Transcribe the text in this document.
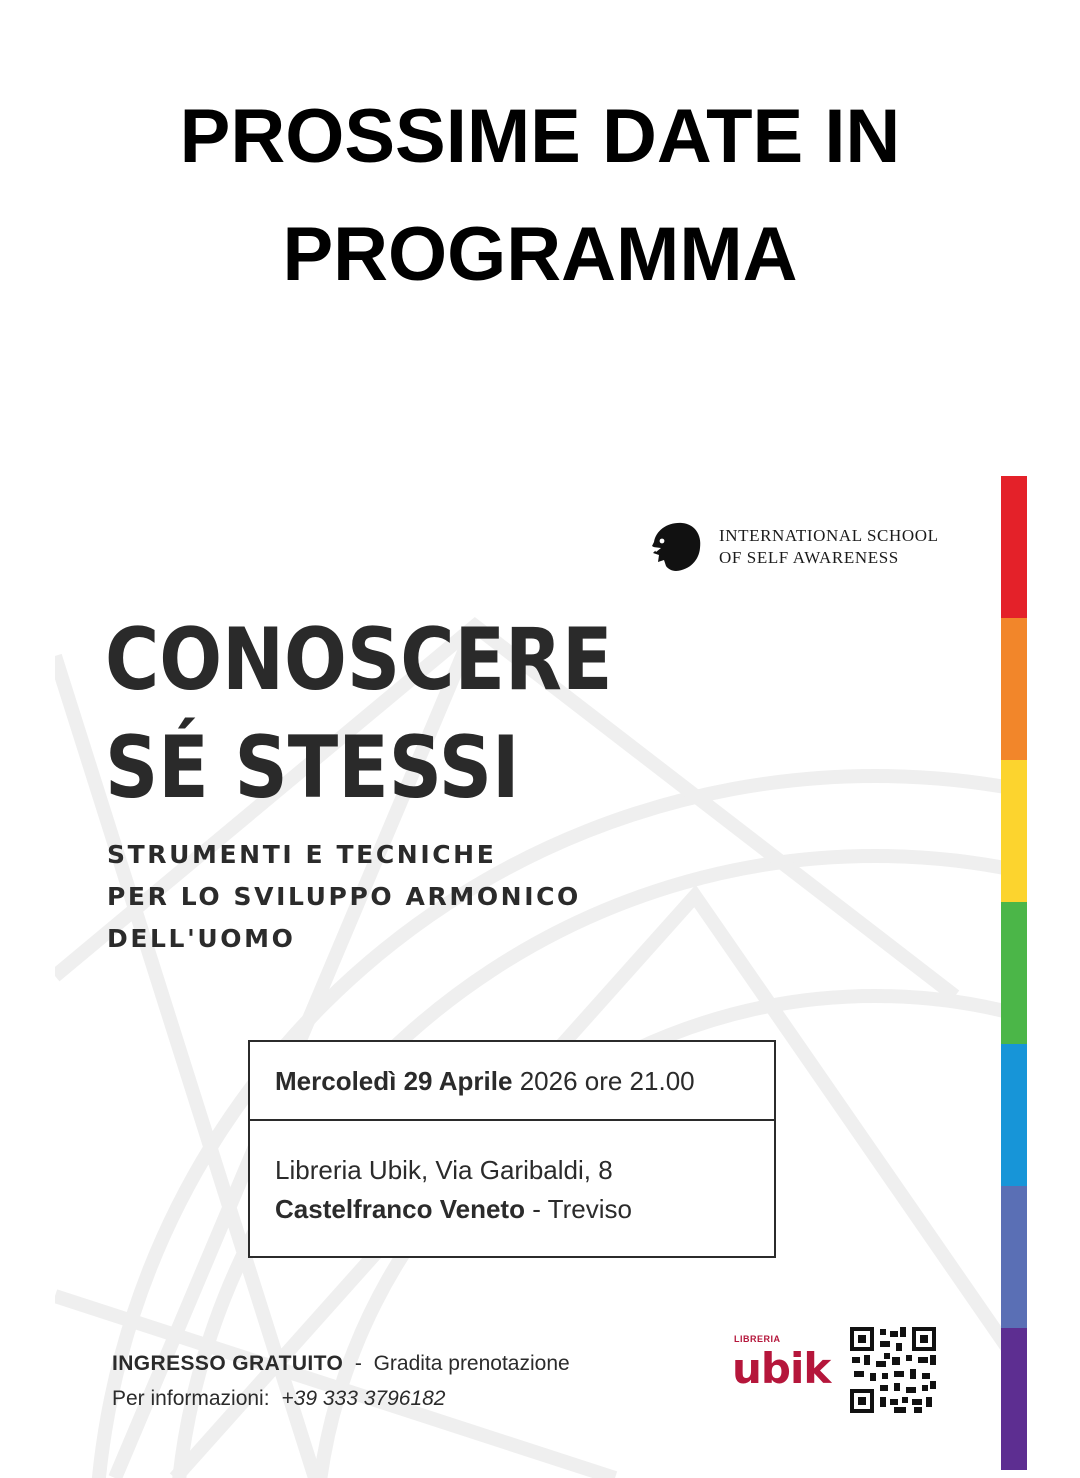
PROSSIME DATE IN
PROGRAMMA
INTERNATIONAL SCHOOL
OF SELF AWARENESS
CONOSCERE
SÉ STESSI
STRUMENTI E TECNICHE
PER LO SVILUPPO ARMONICO
DELL'UOMO
Mercoledì 29 Aprile 2026 ore 21.00
Libreria Ubik, Via Garibaldi, 8
Castelfranco Veneto - Treviso
INGRESSO GRATUITO - Gradita prenotazione
Per informazioni: +39 333 3796182
LIBRERIA
ubik
